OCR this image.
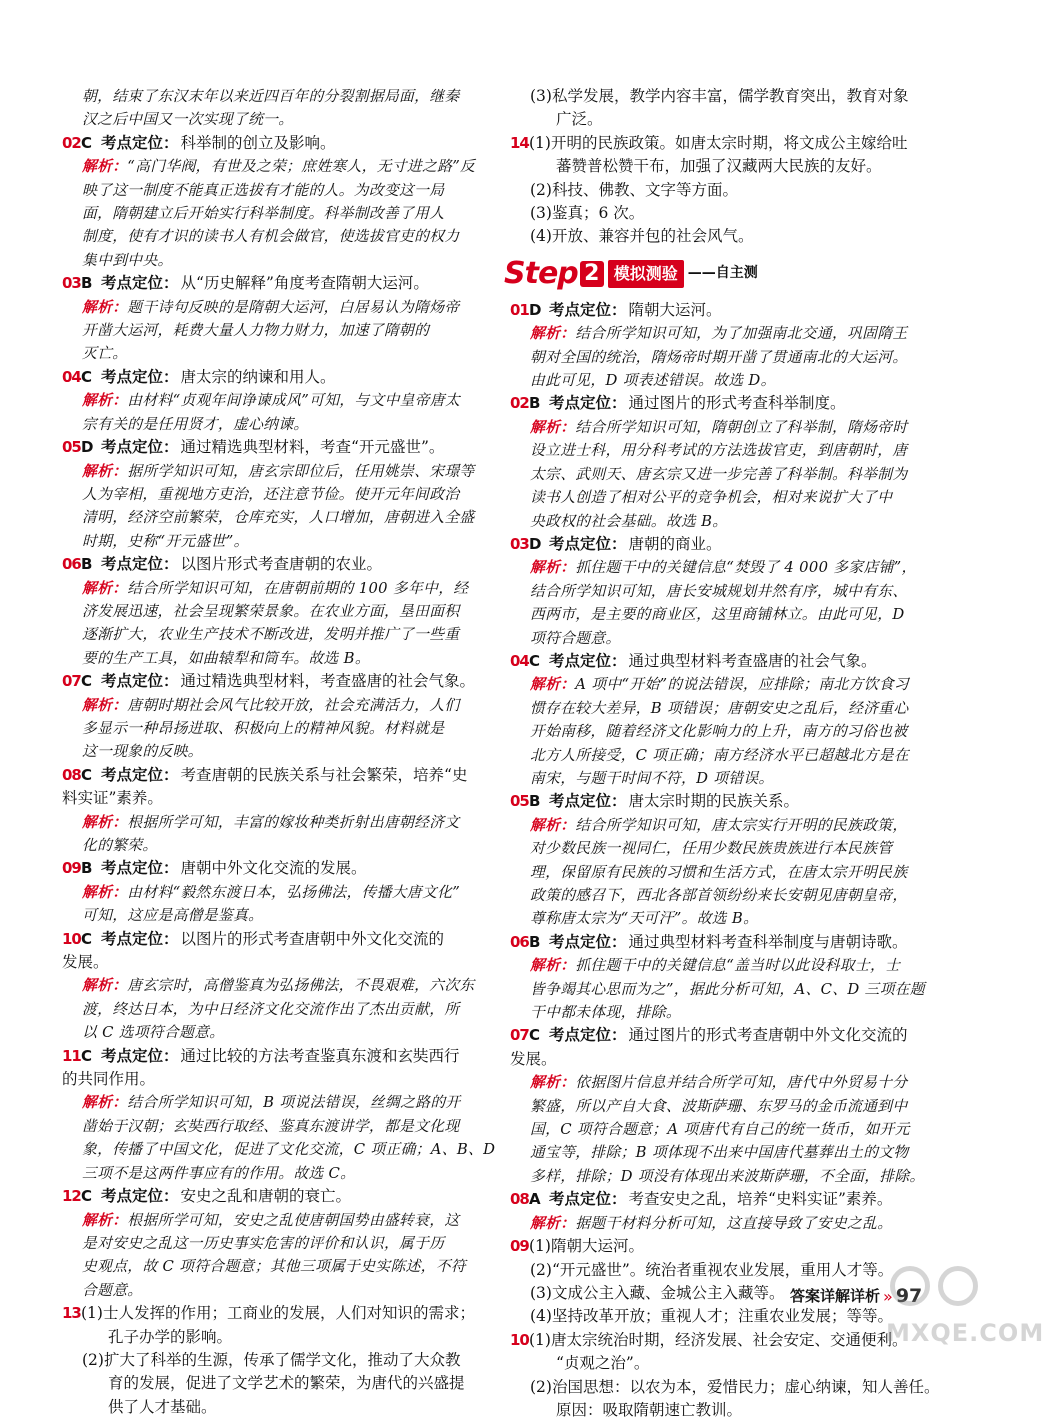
朝，结束了东汉末年以来近四百年的分裂割据局面，继秦
汉之后中国又一次实现了统一。
02 C 考点定位： 科举制的创立及影响。
解析：“高门华阀，有世及之荣；庶姓寒人，无寸进之路”反
映了这一制度不能真正选拔有才能的人。为改变这一局
面，隋朝建立后开始实行科举制度。科举制改善了用人
制度，使有才识的读书人有机会做官，使选拔官吏的权力
集中到中央。
03 B 考点定位： 从“历史解释”角度考查隋朝大运河。
解析：题干诗句反映的是隋朝大运河，白居易认为隋炀帝
开凿大运河，耗费大量人力物力财力，加速了隋朝的
灭亡。
04 C 考点定位： 唐太宗的纳谏和用人。
解析：由材料“贞观年间诤谏成风”可知，与文中皇帝唐太
宗有关的是任用贤才，虚心纳谏。
05 D 考点定位： 通过精选典型材料，考查“开元盛世”。
解析：据所学知识可知，唐玄宗即位后，任用姚崇、宋璟等
人为宰相，重视地方吏治，还注意节俭。使开元年间政治
清明，经济空前繁荣，仓库充实，人口增加，唐朝进入全盛
时期，史称“开元盛世”。
06 B 考点定位： 以图片形式考查唐朝的农业。
解析：结合所学知识可知，在唐朝前期的 100 多年中，经
济发展迅速，社会呈现繁荣景象。在农业方面，垦田面积
逐渐扩大，农业生产技术不断改进，发明并推广了一些重
要的生产工具，如曲辕犁和筒车。故选 B。
07 C 考点定位： 通过精选典型材料，考查盛唐的社会气象。
解析：唐朝时期社会风气比较开放，社会充满活力，人们
多显示一种昂扬进取、积极向上的精神风貌。材料就是
这一现象的反映。
08 C 考点定位： 考查唐朝的民族关系与社会繁荣，培养“史
料实证”素养。
解析：根据所学可知，丰富的嫁妆种类折射出唐朝经济文
化的繁荣。
09 B 考点定位： 唐朝中外文化交流的发展。
解析：由材料“毅然东渡日本，弘扬佛法，传播大唐文化”
可知，这应是高僧是鉴真。
10 C 考点定位： 以图片的形式考查唐朝中外文化交流的
发展。
解析：唐玄宗时，高僧鉴真为弘扬佛法，不畏艰难，六次东
渡，终达日本，为中日经济文化交流作出了杰出贡献，所
以 C 选项符合题意。
11 C 考点定位： 通过比较的方法考查鉴真东渡和玄奘西行
的共同作用。
解析：结合所学知识可知，B 项说法错误，丝绸之路的开
凿始于汉朝；玄奘西行取经、鉴真东渡讲学，都是文化现
象，传播了中国文化，促进了文化交流，C 项正确；A、B、D
三项不是这两件事应有的作用。故选 C。
12 C 考点定位： 安史之乱和唐朝的衰亡。
解析：根据所学可知，安史之乱使唐朝国势由盛转衰，这
是对安史之乱这一历史事实危害的评价和认识，属于历
史观点，故 C 项符合题意；其他三项属于史实陈述，不符
合题意。
13 (1)士人发挥的作用；工商业的发展，人们对知识的需求；
孔子办学的影响。
(2)扩大了科举的生源，传承了儒学文化，推动了大众教
育的发展，促进了文学艺术的繁荣，为唐代的兴盛提
供了人才基础。
(3)私学发展，教学内容丰富，儒学教育突出，教育对象
广泛。
14 (1)开明的民族政策。如唐太宗时期，将文成公主嫁给吐
蕃赞普松赞干布，加强了汉藏两大民族的友好。
(2)科技、佛教、文字等方面。
(3)鉴真；6 次。
(4)开放、兼容并包的社会风气。
Step 2 模拟测验 ——自主测
01 D 考点定位： 隋朝大运河。
解析：结合所学知识可知，为了加强南北交通，巩固隋王
朝对全国的统治，隋炀帝时期开凿了贯通南北的大运河。
由此可见，D 项表述错误。故选 D。
02 B 考点定位： 通过图片的形式考查科举制度。
解析：结合所学知识可知，隋朝创立了科举制，隋炀帝时
设立进士科，用分科考试的方法选拔官吏，到唐朝时，唐
太宗、武则天、唐玄宗又进一步完善了科举制。科举制为
读书人创造了相对公平的竞争机会，相对来说扩大了中
央政权的社会基础。故选 B。
03 D 考点定位： 唐朝的商业。
解析：抓住题干中的关键信息“焚毁了 4 000 多家店铺”，
结合所学知识可知，唐长安城规划井然有序，城中有东、
西两市，是主要的商业区，这里商铺林立。由此可见，D
项符合题意。
04 C 考点定位： 通过典型材料考查盛唐的社会气象。
解析：A 项中“开始”的说法错误，应排除；南北方饮食习
惯存在较大差异，B 项错误；唐朝安史之乱后，经济重心
开始南移，随着经济文化影响力的上升，南方的习俗也被
北方人所接受，C 项正确；南方经济水平已超越北方是在
南宋，与题干时间不符，D 项错误。
05 B 考点定位： 唐太宗时期的民族关系。
解析：结合所学知识可知，唐太宗实行开明的民族政策，
对少数民族一视同仁，任用少数民族贵族进行本民族管
理，保留原有民族的习惯和生活方式，在唐太宗开明民族
政策的感召下，西北各部首领纷纷来长安朝见唐朝皇帝，
尊称唐太宗为“天可汗”。故选 B。
06 B 考点定位： 通过典型材料考查科举制度与唐朝诗歌。
解析：抓住题干中的关键信息“盖当时以此设科取士，士
皆争竭其心思而为之”，据此分析可知，A、C、D 三项在题
干中都未体现，排除。
07 C 考点定位： 通过图片的形式考查唐朝中外文化交流的
发展。
解析：依据图片信息并结合所学可知，唐代中外贸易十分
繁盛，所以产自大食、波斯萨珊、东罗马的金币流通到中
国，C 项符合题意；A 项唐代有自己的统一货币，如开元
通宝等，排除；B 项体现不出来中国唐代墓葬出土的文物
多样，排除；D 项没有体现出来波斯萨珊，不全面，排除。
08 A 考点定位： 考查安史之乱，培养“史料实证”素养。
解析：据题干材料分析可知，这直接导致了安史之乱。
09 (1)隋朝大运河。
(2)“开元盛世”。统治者重视农业发展，重用人才等。
(3)文成公主入藏、金城公主入藏等。
(4)坚持改革开放；重视人才；注重农业发展；等等。
10 (1)唐太宗统治时期，经济发展、社会安定、交通便利。
“贞观之治”。
(2)治国思想：以农为本，爱惜民力；虚心纳谏，知人善任。
原因：吸取隋朝速亡教训。
答案详解详析 » 97
MXQE.COM
